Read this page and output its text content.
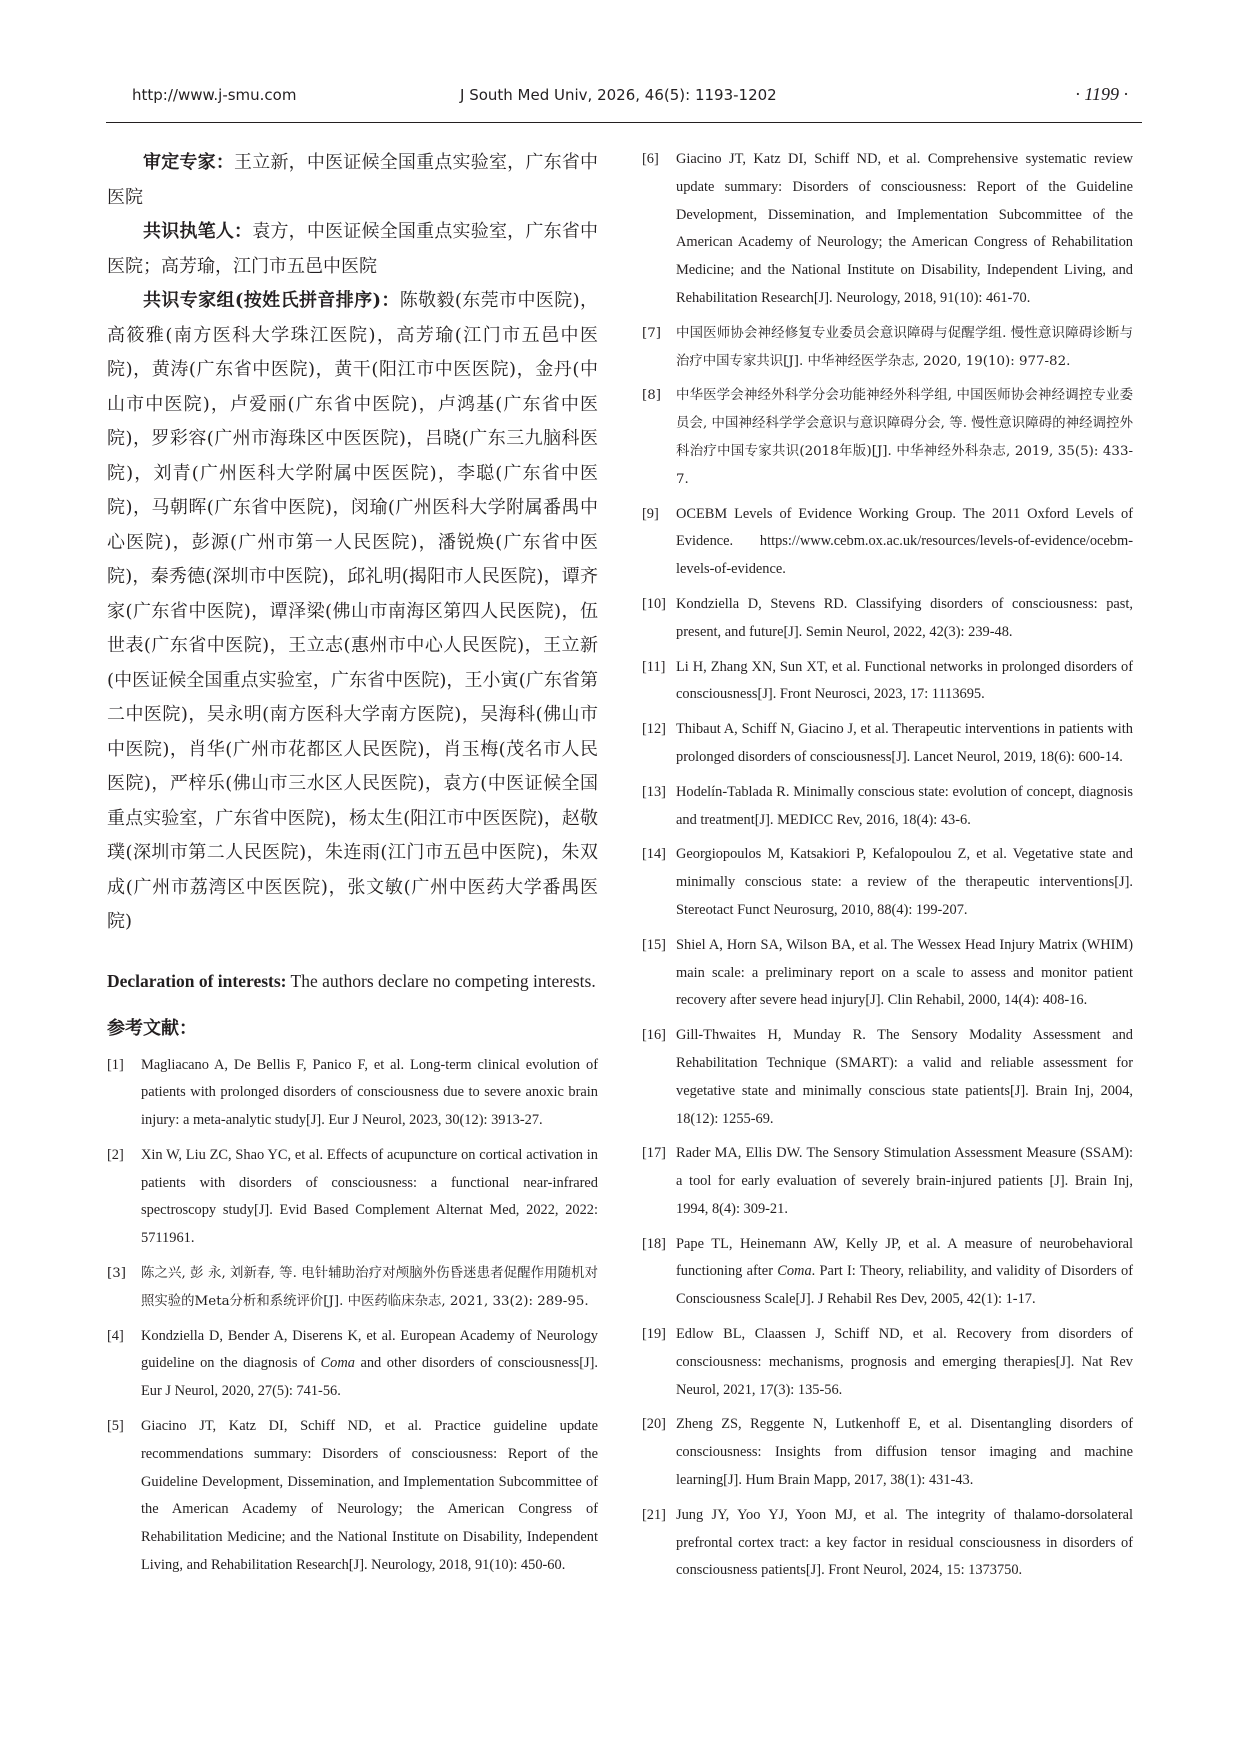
http://www.j-smu.com	J South Med Univ, 2026, 46(5): 1193-1202	· 1199 ·

审定专家：王立新，中医证候全国重点实验室，广东省中医院

共识执笔人：袁方，中医证候全国重点实验室，广东省中医院；高芳瑜，江门市五邑中医院

共识专家组(按姓氏拼音排序)：陈敬毅(东莞市中医院)，高筱雅(南方医科大学珠江医院)，高芳瑜(江门市五邑中医院)，黄涛(广东省中医院)，黄干(阳江市中医医院)，金丹(中山市中医院)，卢爱丽(广东省中医院)，卢鸿基(广东省中医院)，罗彩容(广州市海珠区中医医院)，吕晓(广东三九脑科医院)，刘青(广州医科大学附属中医医院)，李聪(广东省中医院)，马朝晖(广东省中医院)，闵瑜(广州医科大学附属番禺中心医院)，彭源(广州市第一人民医院)，潘锐焕(广东省中医院)，秦秀德(深圳市中医院)，邱礼明(揭阳市人民医院)，谭齐家(广东省中医院)，谭泽梁(佛山市南海区第四人民医院)，伍世表(广东省中医院)，王立志(惠州市中心人民医院)，王立新(中医证候全国重点实验室，广东省中医院)，王小寅(广东省第二中医院)，吴永明(南方医科大学南方医院)，吴海科(佛山市中医院)，肖华(广州市花都区人民医院)，肖玉梅(茂名市人民医院)，严梓乐(佛山市三水区人民医院)，袁方(中医证候全国重点实验室，广东省中医院)，杨太生(阳江市中医医院)，赵敬璞(深圳市第二人民医院)，朱连雨(江门市五邑中医院)，朱双成(广州市荔湾区中医医院)，张文敏(广州中医药大学番禺医院)

Declaration of interests: The authors declare no competing interests.

参考文献：

[1] Magliacano A, De Bellis F, Panico F, et al. Long-term clinical evolution of patients with prolonged disorders of consciousness due to severe anoxic brain injury: a meta-analytic study[J]. Eur J Neurol, 2023, 30(12): 3913-27.

[2] Xin W, Liu ZC, Shao YC, et al. Effects of acupuncture on cortical activation in patients with disorders of consciousness: a functional near-infrared spectroscopy study[J]. Evid Based Complement Alternat Med, 2022, 2022: 5711961.

[3] 陈之兴, 彭 永, 刘新春, 等. 电针辅助治疗对颅脑外伤昏迷患者促醒作用随机对照实验的Meta分析和系统评价[J]. 中医药临床杂志, 2021, 33(2): 289-95.

[4] Kondziella D, Bender A, Diserens K, et al. European Academy of Neurology guideline on the diagnosis of Coma and other disorders of consciousness[J]. Eur J Neurol, 2020, 27(5): 741-56.

[5] Giacino JT, Katz DI, Schiff ND, et al. Practice guideline update recommendations summary: Disorders of consciousness: Report of the Guideline Development, Dissemination, and Implementation Subcommittee of the American Academy of Neurology; the American Congress of Rehabilitation Medicine; and the National Institute on Disability, Independent Living, and Rehabilitation Research[J]. Neurology, 2018, 91(10): 450-60.

[6] Giacino JT, Katz DI, Schiff ND, et al. Comprehensive systematic review update summary: Disorders of consciousness: Report of the Guideline Development, Dissemination, and Implementation Subcommittee of the American Academy of Neurology; the American Congress of Rehabilitation Medicine; and the National Institute on Disability, Independent Living, and Rehabilitation Research[J]. Neurology, 2018, 91(10): 461-70.

[7] 中国医师协会神经修复专业委员会意识障碍与促醒学组. 慢性意识障碍诊断与治疗中国专家共识[J]. 中华神经医学杂志, 2020, 19(10): 977-82.

[8] 中华医学会神经外科学分会功能神经外科学组, 中国医师协会神经调控专业委员会, 中国神经科学学会意识与意识障碍分会, 等. 慢性意识障碍的神经调控外科治疗中国专家共识(2018年版)[J]. 中华神经外科杂志, 2019, 35(5): 433-7.

[9] OCEBM Levels of Evidence Working Group. The 2011 Oxford Levels of Evidence. https://www.cebm.ox.ac.uk/resources/levels-of-evidence/ocebm-levels-of-evidence.

[10] Kondziella D, Stevens RD. Classifying disorders of consciousness: past, present, and future[J]. Semin Neurol, 2022, 42(3): 239-48.

[11] Li H, Zhang XN, Sun XT, et al. Functional networks in prolonged disorders of consciousness[J]. Front Neurosci, 2023, 17: 1113695.

[12] Thibaut A, Schiff N, Giacino J, et al. Therapeutic interventions in patients with prolonged disorders of consciousness[J]. Lancet Neurol, 2019, 18(6): 600-14.

[13] Hodelín-Tablada R. Minimally conscious state: evolution of concept, diagnosis and treatment[J]. MEDICC Rev, 2016, 18(4): 43-6.

[14] Georgiopoulos M, Katsakiori P, Kefalopoulou Z, et al. Vegetative state and minimally conscious state: a review of the therapeutic interventions[J]. Stereotact Funct Neurosurg, 2010, 88(4): 199-207.

[15] Shiel A, Horn SA, Wilson BA, et al. The Wessex Head Injury Matrix (WHIM) main scale: a preliminary report on a scale to assess and monitor patient recovery after severe head injury[J]. Clin Rehabil, 2000, 14(4): 408-16.

[16] Gill-Thwaites H, Munday R. The Sensory Modality Assessment and Rehabilitation Technique (SMART): a valid and reliable assessment for vegetative state and minimally conscious state patients[J]. Brain Inj, 2004, 18(12): 1255-69.

[17] Rader MA, Ellis DW. The Sensory Stimulation Assessment Measure (SSAM): a tool for early evaluation of severely brain-injured patients [J]. Brain Inj, 1994, 8(4): 309-21.

[18] Pape TL, Heinemann AW, Kelly JP, et al. A measure of neurobehavioral functioning after Coma. Part I: Theory, reliability, and validity of Disorders of Consciousness Scale[J]. J Rehabil Res Dev, 2005, 42(1): 1-17.

[19] Edlow BL, Claassen J, Schiff ND, et al. Recovery from disorders of consciousness: mechanisms, prognosis and emerging therapies[J]. Nat Rev Neurol, 2021, 17(3): 135-56.

[20] Zheng ZS, Reggente N, Lutkenhoff E, et al. Disentangling disorders of consciousness: Insights from diffusion tensor imaging and machine learning[J]. Hum Brain Mapp, 2017, 38(1): 431-43.

[21] Jung JY, Yoo YJ, Yoon MJ, et al. The integrity of thalamo-dorsolateral prefrontal cortex tract: a key factor in residual consciousness in disorders of consciousness patients[J]. Front Neurol, 2024, 15: 1373750.
